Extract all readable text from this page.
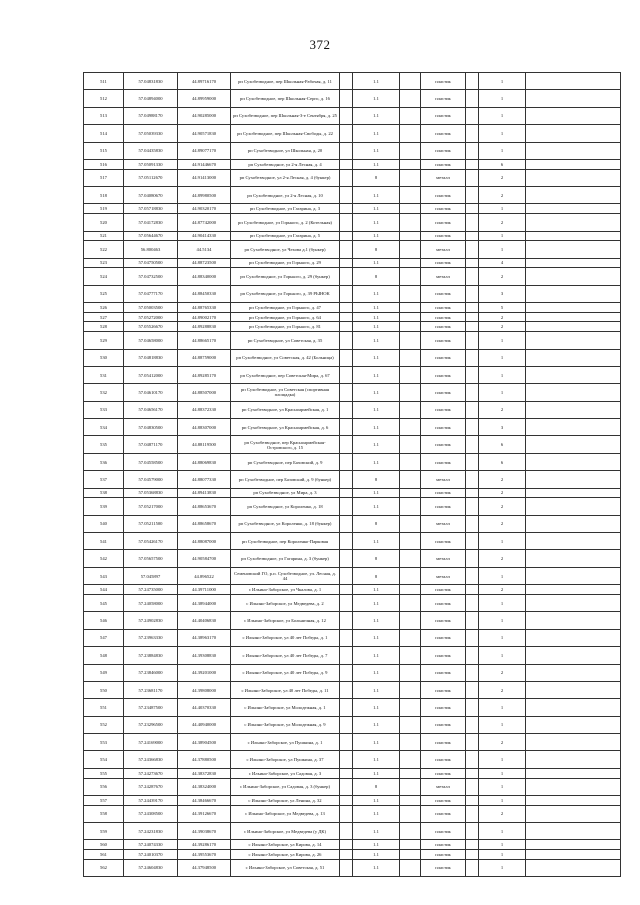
372
511	57.04831830	44.89716170	рп Сухобезводное, пер Школьная-Рабочая, д. 11		1.1		пластик		1	
512	57.04894000	44.89959000	рп Сухобезводное, пер Школьная-Серго, д. 16		1.1		пластик		1	
513	57.04988170	44.90285000	рп Сухобезводное, пер Школьная-3-е Сентября, д. 25		1.1		пластик		1	
514	57.05039330	44.90571830	рп Сухобезводное, пер Школьная-Свободы, д. 22		1.1		пластик		1	
515	57.04435830	44.89077170	рп Сухобезводное, ул Школьная, д. 20		1.1		пластик		1	
516	57.05091330	44.91446670	рп Сухобезводное, ул 2-я Лесная, д. 4		1.1		пластик		6	
517	57.05112670	44.91413000	рп Сухобезводное, ул 2-я Лесная, д. 4 (бункер)		8		металл		2	
518	57.04080670	44.89980500	рп Сухобезводное, ул 2-я Лесная, д. 10		1.1		пластик		2	
519	57.05718830	44.90320170	рп Сухобезводное, ул Гагарина, д. 3		1.1		пластик		1	
520	57.04172830	44.87742000	рп Сухобезводное, ул Горького, д. 2 (Котельная)		1.1		пластик		2	
521	57.05644670	44.90414330	рп Сухобезводное, ул Гагарина, д. 5		1.1		пластик		1	
522	56.800463	44.5134	рп Сухобезводное, ул Чехова д.1 (бункер)		8		металл		1	
523	57.04750500	44.88723500	рп Сухобезводное, ул Горького, д. 29		1.1		пластик		4	
524	57.04732500	44.88340000	рп Сухобезводное, ул Горького, д. 29 (бункер)		8		металл		2	
525	57.04777170	44.88450330	рп Сухобезводное, ул Горького, д. 39 РЫНОК		1.1		пластик		3	
526	57.05003500	44.88765330	рп Сухобезводное, ул Горького, д. 47		1.1		пластик		5	
527	57.05272000	44.89002170	рп Сухобезводное, ул Горького, д. 64		1.1		пластик		2	
528	57.05526670	44.89288830	рп Сухобезводное, ул Горького, д. 81		1.1		пластик		2	
529	57.04658000	44.88665170	рп Сухобезводное, ул Советская, д. 35		1.1		пластик		1	
530	57.04818830	44.88759000	рп Сухобезводное, ул Советская, д. 42 (Больница)		1.1		пластик		1	
531	57.05412000	44.89285170	рп Сухобезводное, пер Советская-Мира, д. 67		1.1		пластик		1	
532	57.04610170	44.88507000	рп Сухобезводное, ул Советская (спортивная площадка)		1.1		пластик		1	
533	57.04656170	44.88372330	рп Сухобезводное, ул Красноармейская, д. 1		1.1		пластик		2	
534	57.04830500	44.88307000	рп Сухобезводное, ул Красноармейская, д. 6		1.1		пластик		3	
535	57.04871170	44.88119500	рп Сухобезводное, пер Красноармейская- Островского, д. 15		1.1		пластик		6	
536	57.04558500	44.88069830	рп Сухобезводное, пер Базовский, д. 9		1.1		пластик		6	
537	57.04579000	44.88077330	рп Сухобезводное, пер Базовский, д. 9 (бункер)		8		металл		2	
538	57.05368830	44.89413830	рп Сухобезводное, ул Мира, д. 3		1.1		пластик		2	
539	57.05217000	44.88653670	рп Сухобезводное, ул Короленко, д. 18		1.1		пластик		2	
540	57.05211500	44.88658670	рп Сухобезводное, ул Короленко, д. 18 (бункер)		8		металл		2	
541	57.05426170	44.88087000	рп Сухобезводное, пер Короленко-Парковая		1.1		пластик		1	
542	57.05657500	44.90584700	рп Сухобезводное, ул Гагарина, д. 3 (бункер)		8		металл		2	
543	57.045897	44.896522	Семеновский ГО, р.п. Сухобезводное, ул. Лесная, д. 44		8		металл		1	
544	57.24735000	44.39711000	с Ильино-Заборское, ул Чкалова, д. 1		1.1		пластик		2	
545	57.24058000	44.38944000	с Ильино-Заборское, ул Медведева, д. 2		1.1		пластик		1	
546	57.24902830	44.40406830	с Ильино-Заборское, ул Больничная, д. 12		1.1		пластик		1	
547	57.23963330	44.38963170	с Ильино-Заборское, ул 40 лет Победы, д. 1		1.1		пластик		1	
548	57.23884830	44.39308830	с Ильино-Заборское, ул 40 лет Победы, д. 7		1.1		пластик		1	
549	57.23846000	44.39201000	с Ильино-Заборское, ул 40 лет Победы, д. 9		1.1		пластик		2	
550	57.23681170	44.39808000	с Ильино-Заборское, ул 40 лет Победы, д. 11		1.1		пластик		2	
551	57.23487500	44.40370330	с Ильино-Заборское, ул Молодежная, д. 1		1.1		пластик		1	
552	57.23296500	44.40940000	с Ильино-Заборское, ул Молодежная, д. 9		1.1		пластик		1	
553	57.24169000	44.38904500	с Ильино-Заборское, ул Пушкина, д. 1		1.1		пластик		2	
554	57.24366830	44.37880500	с Ильино-Заборское, ул Пушкина, д. 37		1.1		пластик		1	
555	57.24273670	44.38372830	с Ильино-Заборское, ул Садовая, д. 3		1.1		пластик		1	
556	57.24287670	44.38324000	с Ильино-Заборское, ул Садовая, д. 3 (бункер)		8		металл		1	
557	57.24439170	44.38466670	с Ильино-Заборское, ул Ленина, д. 32		1.1		пластик		1	
558	57.24308500	44.39126670	с Ильино-Заборское, ул Медведева, д. 13		1.1		пластик		2	
559	57.24231830	44.39038670	с Ильино-Заборское, ул Медведева (у ДК)		1.1		пластик		1	
560	57.24074330	44.39286170	с Ильино-Заборское, ул Кирова, д. 14		1.1		пластик		1	
561	57.24010370	44.39553670	с Ильино-Заборское, ул Кирова, д. 26		1.1		пластик		1	
562	57.24604830	44.37948500	с Ильино-Заборское, ул Советская, д. 51		1.1		пластик		1	
